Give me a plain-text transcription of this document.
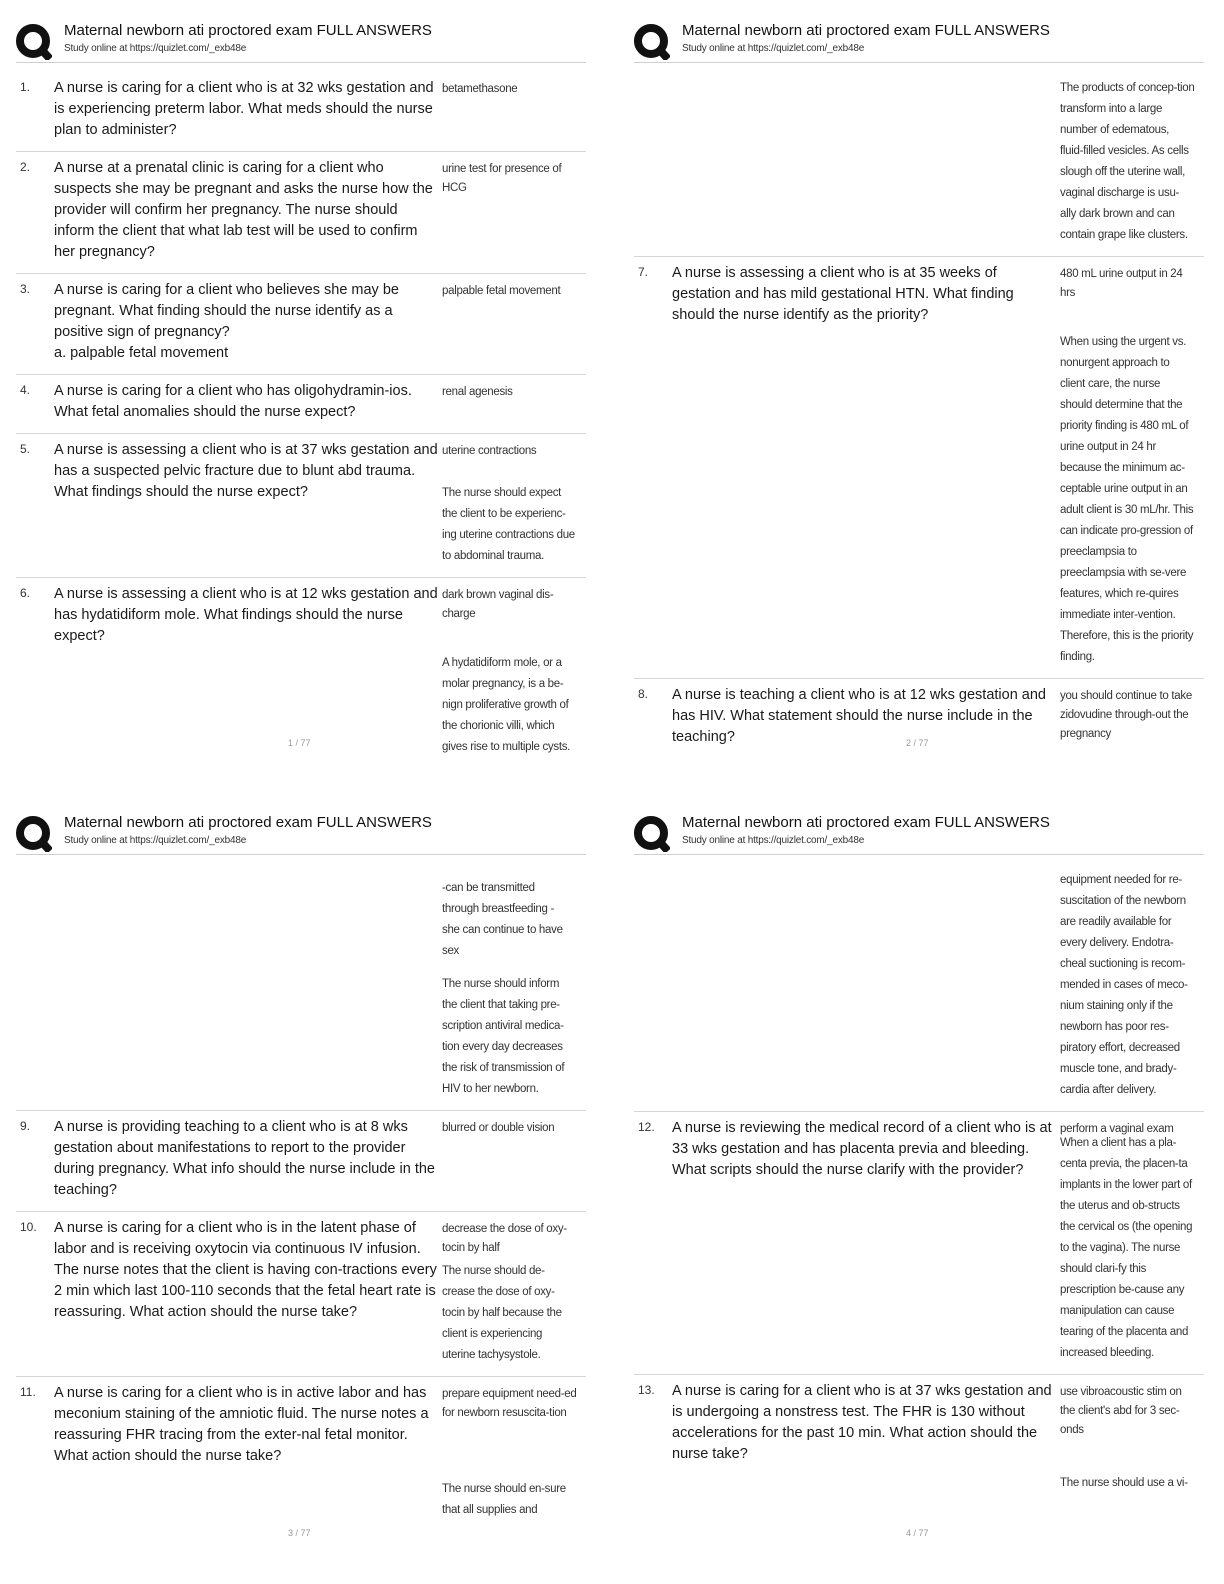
Maternal newborn ati proctored exam FULL ANSWERS
Study online at https://quizlet.com/_exb48e
1. A nurse is caring for a client who is at 32 wks gestation and is experiencing preterm labor. What meds should the nurse plan to administer?
betamethasone
2. A nurse at a prenatal clinic is caring for a client who suspects she may be pregnant and asks the nurse how the provider will confirm her pregnancy. The nurse should inform the client that what lab test will be used to confirm her pregnancy?
urine test for presence of HCG
3. A nurse is caring for a client who believes she may be pregnant. What finding should the nurse identify as a positive sign of pregnancy?
a. palpable fetal movement
palpable fetal movement
4. A nurse is caring for a client who has oligohydramin-ios. What fetal anomalies should the nurse expect?
renal agenesis
5. A nurse is assessing a client who is at 37 wks gestation and has a suspected pelvic fracture due to blunt abd trauma. What findings should the nurse expect?
uterine contractions
The nurse should expect the client to be experienc-ing uterine contractions due to abdominal trauma.
6. A nurse is assessing a client who is at 12 wks gestation and has hydatidiform mole. What findings should the nurse expect?
dark brown vaginal dis-charge
A hydatidiform mole, or a molar pregnancy, is a be-nign proliferative growth of the chorionic villi, which gives rise to multiple cysts.
1 / 77
Maternal newborn ati proctored exam FULL ANSWERS
Study online at https://quizlet.com/_exb48e
The products of concep-tion transform into a large number of edematous, fluid-filled vesicles. As cells slough off the uterine wall, vaginal discharge is usu-ally dark brown and can contain grape like clusters.
7. A nurse is assessing a client who is at 35 weeks of gestation and has mild gestational HTN. What finding should the nurse identify as the priority?
480 mL urine output in 24 hrs
When using the urgent vs. nonurgent approach to client care, the nurse should determine that the priority finding is 480 mL of urine output in 24 hr because the minimum ac-ceptable urine output in an adult client is 30 mL/hr. This can indicate pro-gression of preeclampsia to preeclampsia with se-vere features, which re-quires immediate inter-vention. Therefore, this is the priority finding.
8. A nurse is teaching a client who is at 12 wks gestation and has HIV. What statement should the nurse include in the teaching?
you should continue to take zidovudine through-out the pregnancy
2 / 77
Maternal newborn ati proctored exam FULL ANSWERS
Study online at https://quizlet.com/_exb48e
-can be transmitted through breastfeeding -she can continue to have sex
The nurse should inform the client that taking pre-scription antiviral medica-tion every day decreases the risk of transmission of HIV to her newborn.
9. A nurse is providing teaching to a client who is at 8 wks gestation about manifestations to report to the provider during pregnancy. What info should the nurse include in the teaching?
blurred or double vision
10. A nurse is caring for a client who is in the latent phase of labor and is receiving oxytocin via continuous IV infusion. The nurse notes that the client is having con-tractions every 2 min which last 100-110 seconds that the fetal heart rate is reassuring. What action should the nurse take?
decrease the dose of oxy-tocin by half
The nurse should de-crease the dose of oxy-tocin by half because the client is experiencing uterine tachysystole.
11. A nurse is caring for a client who is in active labor and has meconium staining of the amniotic fluid. The nurse notes a reassuring FHR tracing from the exter-nal fetal monitor. What action should the nurse take?
prepare equipment need-ed for newborn resuscita-tion
The nurse should en-sure that all supplies and
3 / 77
Maternal newborn ati proctored exam FULL ANSWERS
Study online at https://quizlet.com/_exb48e
equipment needed for re-suscitation of the newborn are readily available for every delivery. Endotra-cheal suctioning is recom-mended in cases of meco-nium staining only if the newborn has poor res-piratory effort, decreased muscle tone, and brady-cardia after delivery.
12. A nurse is reviewing the medical record of a client who is at 33 wks gestation and has placenta previa and bleeding. What scripts should the nurse clarify with the provider?
perform a vaginal exam
When a client has a pla-centa previa, the placen-ta implants in the lower part of the uterus and ob-structs the cervical os (the opening to the vagina). The nurse should clari-fy this prescription be-cause any manipulation can cause tearing of the placenta and increased bleeding.
13. A nurse is caring for a client who is at 37 wks gestation and is undergoing a nonstress test. The FHR is 130 without accelerations for the past 10 min. What action should the nurse take?
use vibroacoustic stim on the client's abd for 3 sec-onds
The nurse should use a vi-
4 / 77
